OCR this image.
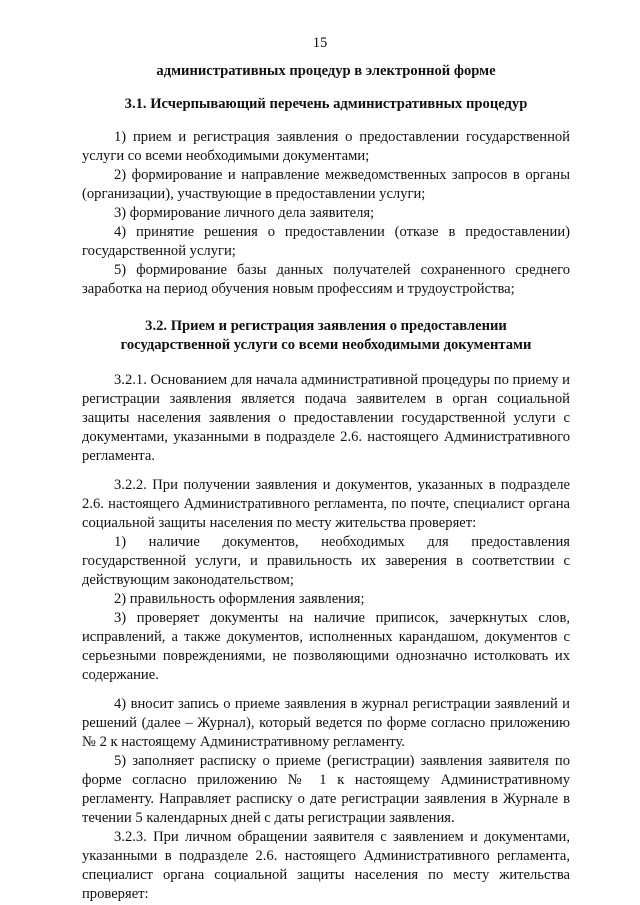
15
административных процедур в электронной форме
3.1. Исчерпывающий перечень административных процедур

1) прием и регистрация заявления о предоставлении государственной услуги со всеми необходимыми документами;

2) формирование и направление межведомственных запросов в органы (организации), участвующие в предоставлении услуги;

3) формирование личного дела заявителя;

4) принятие решения о предоставлении (отказе в предоставлении) государственной услуги;

5) формирование базы данных получателей сохраненного среднего заработка на период обучения новым профессиям и трудоустройства;

3.2. Прием и регистрация заявления о предоставлении
государственной услуги со всеми необходимыми документами

3.2.1. Основанием для начала административной процедуры по приему и регистрации заявления является подача заявителем в орган социальной защиты населения заявления о предоставлении государственной услуги с документами, указанными в подразделе 2.6. настоящего Административного регламента.

3.2.2. При получении заявления и документов, указанных в подразделе 2.6. настоящего Административного регламента, по почте, специалист органа социальной защиты населения по месту жительства проверяет:

1) наличие документов, необходимых для предоставления государственной услуги, и правильность их заверения в соответствии с действующим законодательством;

2) правильность оформления заявления;

3) проверяет документы на наличие приписок, зачеркнутых слов, исправлений, а также документов, исполненных карандашом, документов с серьезными повреждениями, не позволяющими однозначно истолковать их содержание.

4) вносит запись о приеме заявления в журнал регистрации заявлений и решений (далее – Журнал), который ведется по форме согласно приложению № 2 к настоящему Административному регламенту.

5) заполняет расписку о приеме (регистрации) заявления заявителя по форме согласно приложению № 1 к настоящему Административному регламенту. Направляет расписку о дате регистрации заявления в Журнале в течении 5 календарных дней с даты регистрации заявления.

3.2.3. При личном обращении заявителя с заявлением и документами, указанными в подразделе 2.6. настоящего Административного регламента, специалист органа социальной защиты населения по месту жительства проверяет:
